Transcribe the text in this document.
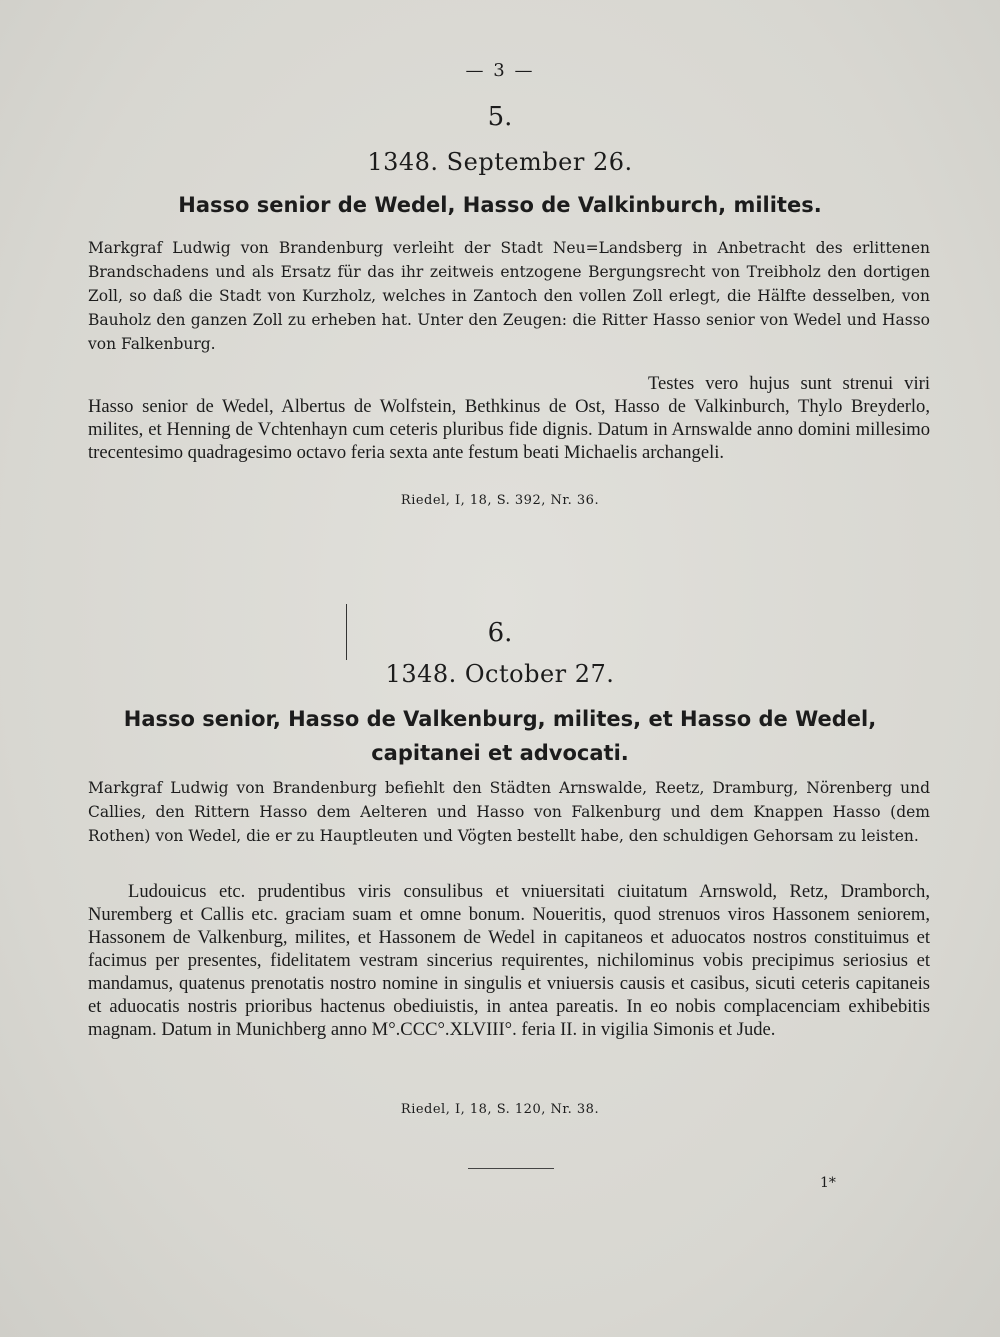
— 3 —
5.
1348. September 26.
Hasso senior de Wedel, Hasso de Valkinburch, milites.
Markgraf Ludwig von Brandenburg verleiht der Stadt Neu=Landsberg in Anbetracht des erlittenen Brandschadens und als Ersatz für das ihr zeitweis entzogene Bergungsrecht von Treibholz den dortigen Zoll, so daß die Stadt von Kurzholz, welches in Zantoch den vollen Zoll erlegt, die Hälfte desselben, von Bauholz den ganzen Zoll zu erheben hat. Unter den Zeugen: die Ritter Hasso senior von Wedel und Hasso von Falkenburg.

Testes vero hujus sunt strenui viri Hasso senior de Wedel, Albertus de Wolfstein, Bethkinus de Ost, Hasso de Valkinburch, Thylo Breyderlo, milites, et Henning de Vchtenhayn cum ceteris pluribus fide dignis. Datum in Arnswalde anno domini millesimo trecentesimo quadragesimo octavo feria sexta ante festum beati Michaelis archangeli.

Riedel, I, 18, S. 392, Nr. 36.
6.
1348. October 27.
Hasso senior, Hasso de Valkenburg, milites, et Hasso de Wedel,
capitanei et advocati.
Markgraf Ludwig von Brandenburg befiehlt den Städten Arnswalde, Reetz, Dramburg, Nörenberg und Callies, den Rittern Hasso dem Aelteren und Hasso von Falkenburg und dem Knappen Hasso (dem Rothen) von Wedel, die er zu Hauptleuten und Vögten bestellt habe, den schuldigen Gehorsam zu leisten.

Ludouicus etc. prudentibus viris consulibus et vniuersitati ciuitatum Arnswold, Retz, Dramborch, Nuremberg et Callis etc. graciam suam et omne bonum. Noueritis, quod strenuos viros Hassonem seniorem, Hassonem de Valkenburg, milites, et Hassonem de Wedel in capitaneos et aduocatos nostros constituimus et facimus per presentes, fidelitatem vestram sincerius requirentes, nichilominus vobis precipimus seriosius et mandamus, quatenus prenotatis nostro nomine in singulis et vniuersis causis et casibus, sicuti ceteris capitaneis et aduocatis nostris prioribus hactenus obediuistis, in antea pareatis. In eo nobis complacenciam exhibebitis magnam. Datum in Munichberg anno M°.CCC°.XLVIII°. feria II. in vigilia Simonis et Jude.

Riedel, I, 18, S. 120, Nr. 38.
1*
